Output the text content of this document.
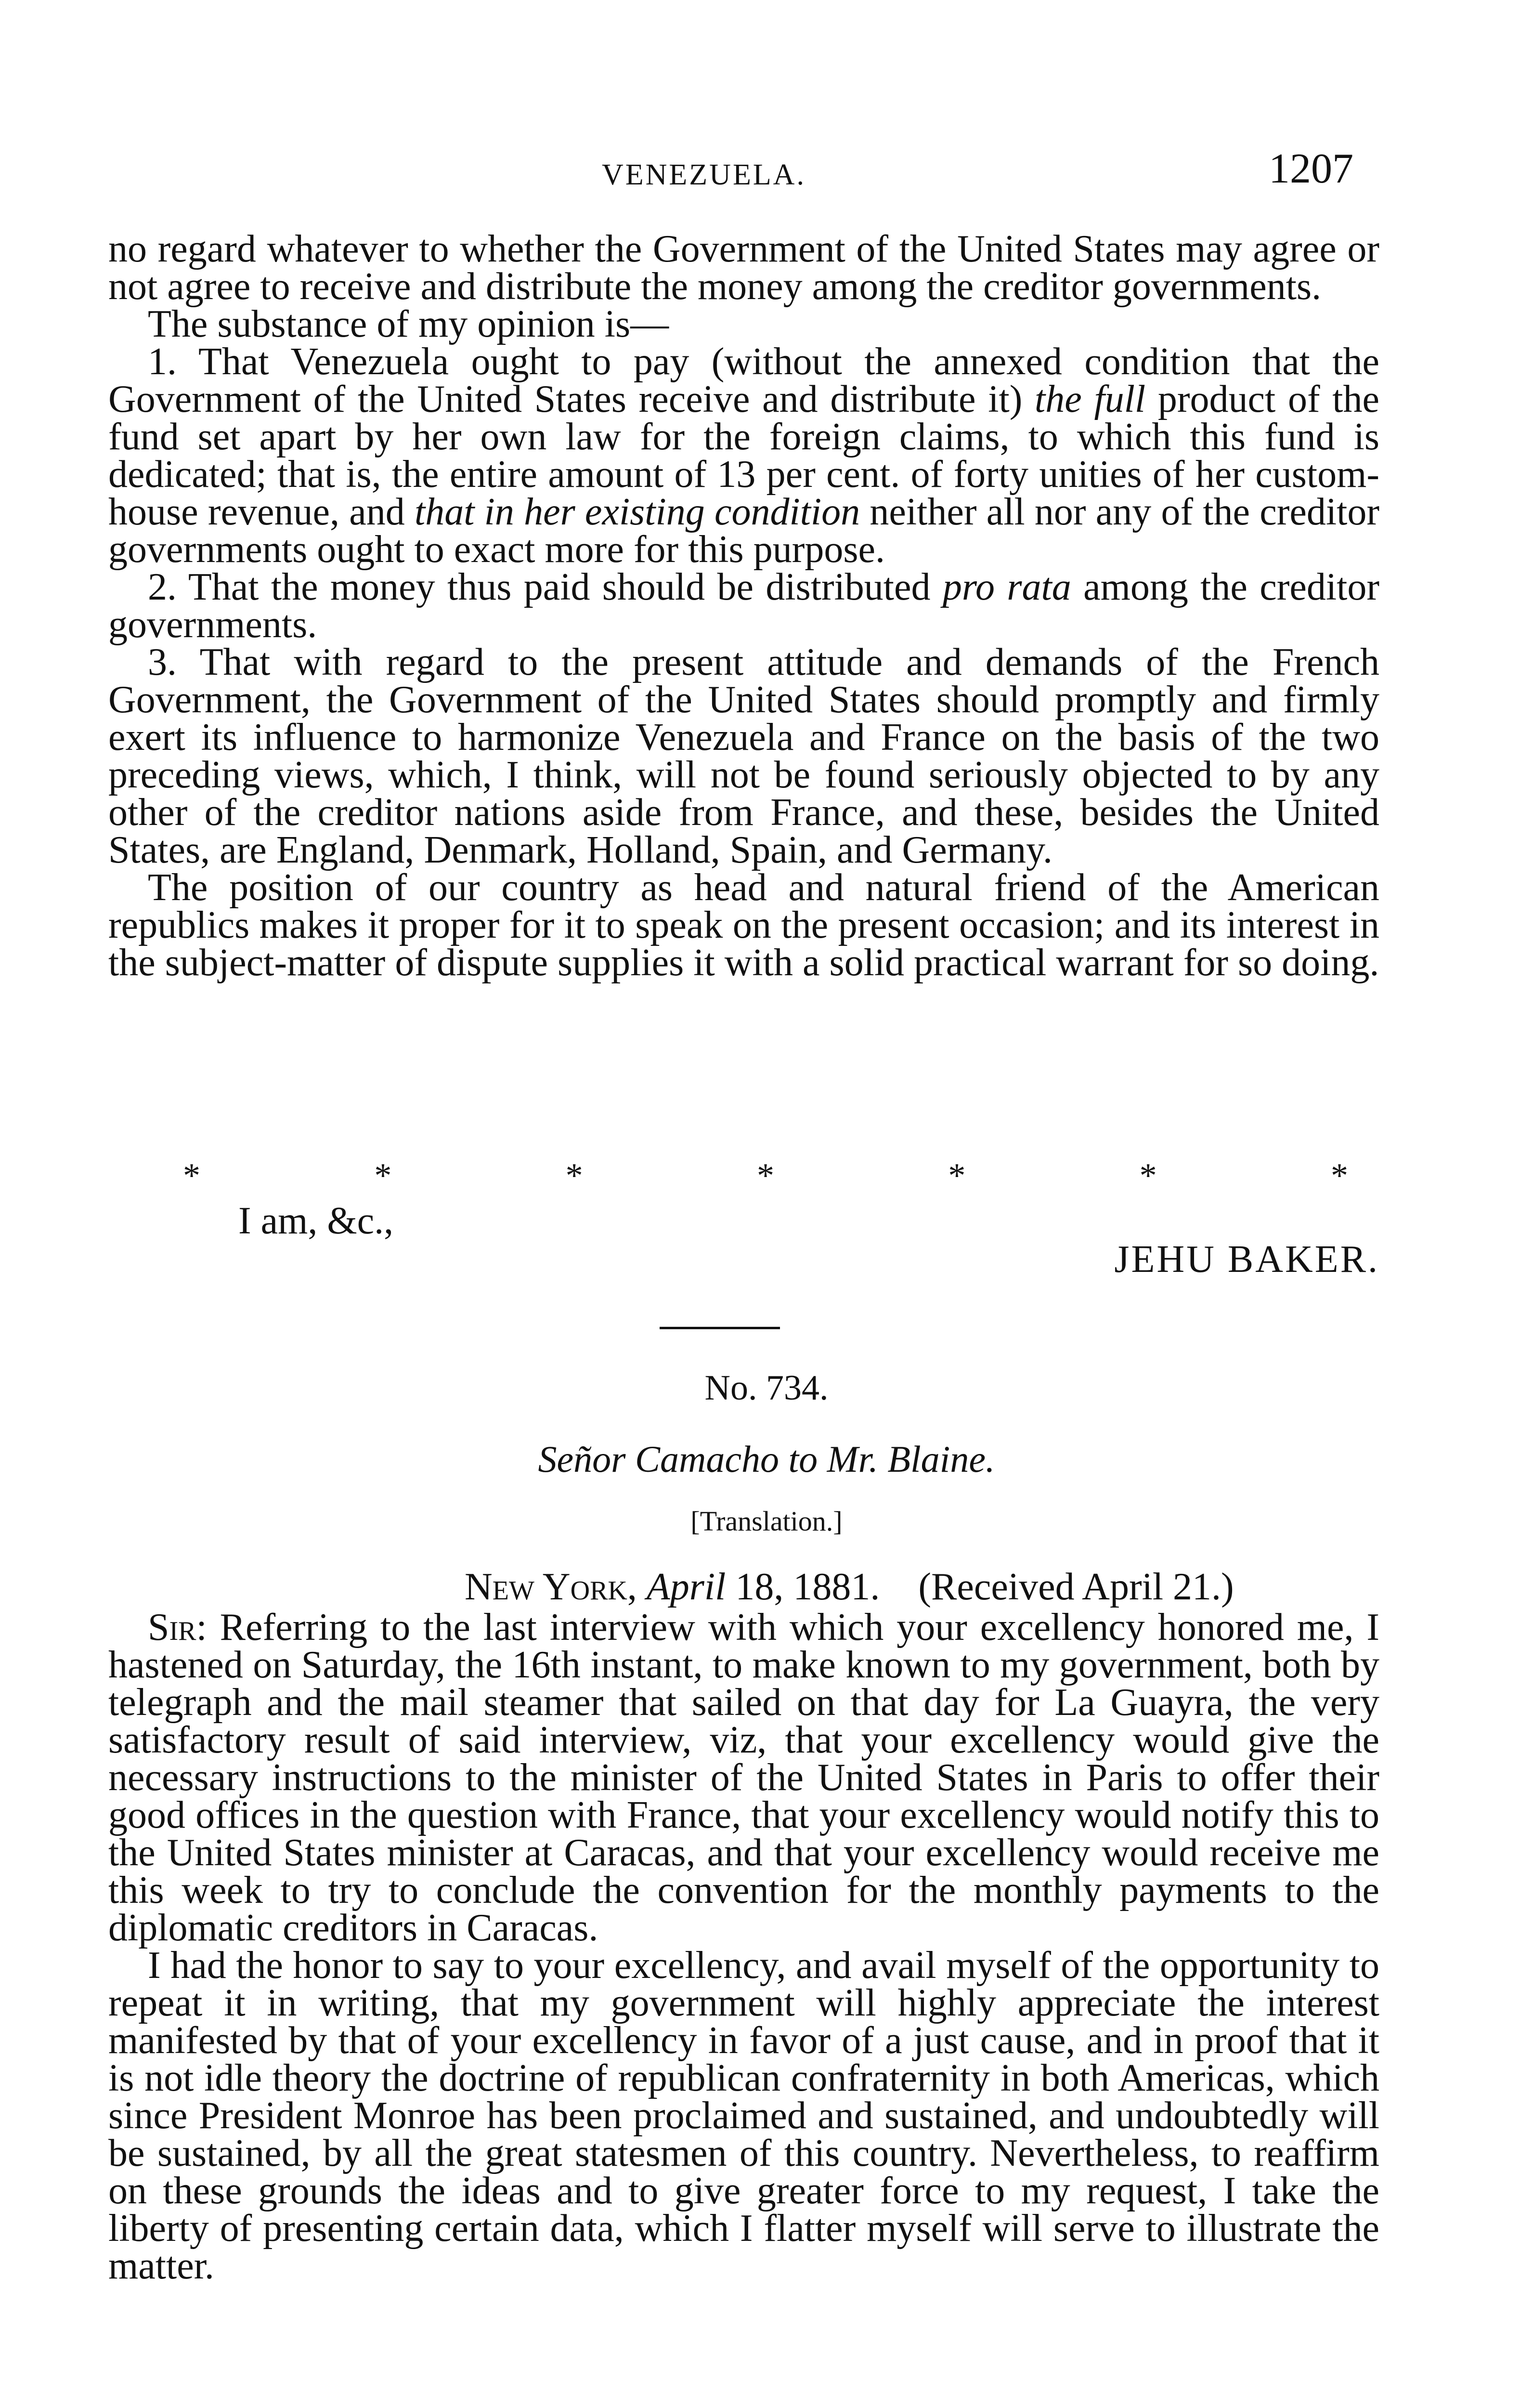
VENEZUELA.	1207

no regard whatever to whether the Government of the United States may agree or not agree to receive and distribute the money among the creditor governments.

The substance of my opinion is—

1. That Venezuela ought to pay (without the annexed condition that the Government of the United States receive and distribute it) the full product of the fund set apart by her own law for the foreign claims, to which this fund is dedicated; that is, the entire amount of 13 per cent. of forty unities of her custom-house revenue, and that in her existing condition neither all nor any of the creditor governments ought to exact more for this purpose.

2. That the money thus paid should be distributed pro rata among the creditor governments.

3. That with regard to the present attitude and demands of the French Government, the Government of the United States should promptly and firmly exert its influence to harmonize Venezuela and France on the basis of the two preceding views, which, I think, will not be found seriously objected to by any other of the creditor nations aside from France, and these, besides the United States, are England, Denmark, Holland, Spain, and Germany.

The position of our country as head and natural friend of the American republics makes it proper for it to speak on the present occasion; and its interest in the subject-matter of dispute supplies it with a solid practical warrant for so doing.

*	*	*	*	*	*	*
I am, &c.,
JEHU BAKER.
No. 734.
Señor Camacho to Mr. Blaine.
[Translation.]
New York, April 18, 1881. (Received April 21.)

Sir: Referring to the last interview with which your excellency honored me, I hastened on Saturday, the 16th instant, to make known to my government, both by telegraph and the mail steamer that sailed on that day for La Guayra, the very satisfactory result of said interview, viz, that your excellency would give the necessary instructions to the minister of the United States in Paris to offer their good offices in the question with France, that your excellency would notify this to the United States minister at Caracas, and that your excellency would receive me this week to try to conclude the convention for the monthly payments to the diplomatic creditors in Caracas.

I had the honor to say to your excellency, and avail myself of the opportunity to repeat it in writing, that my government will highly appreciate the interest manifested by that of your excellency in favor of a just cause, and in proof that it is not idle theory the doctrine of republican confraternity in both Americas, which since President Monroe has been proclaimed and sustained, and undoubtedly will be sustained, by all the great statesmen of this country. Nevertheless, to reaffirm on these grounds the ideas and to give greater force to my request, I take the liberty of presenting certain data, which I flatter myself will serve to illustrate the matter.
